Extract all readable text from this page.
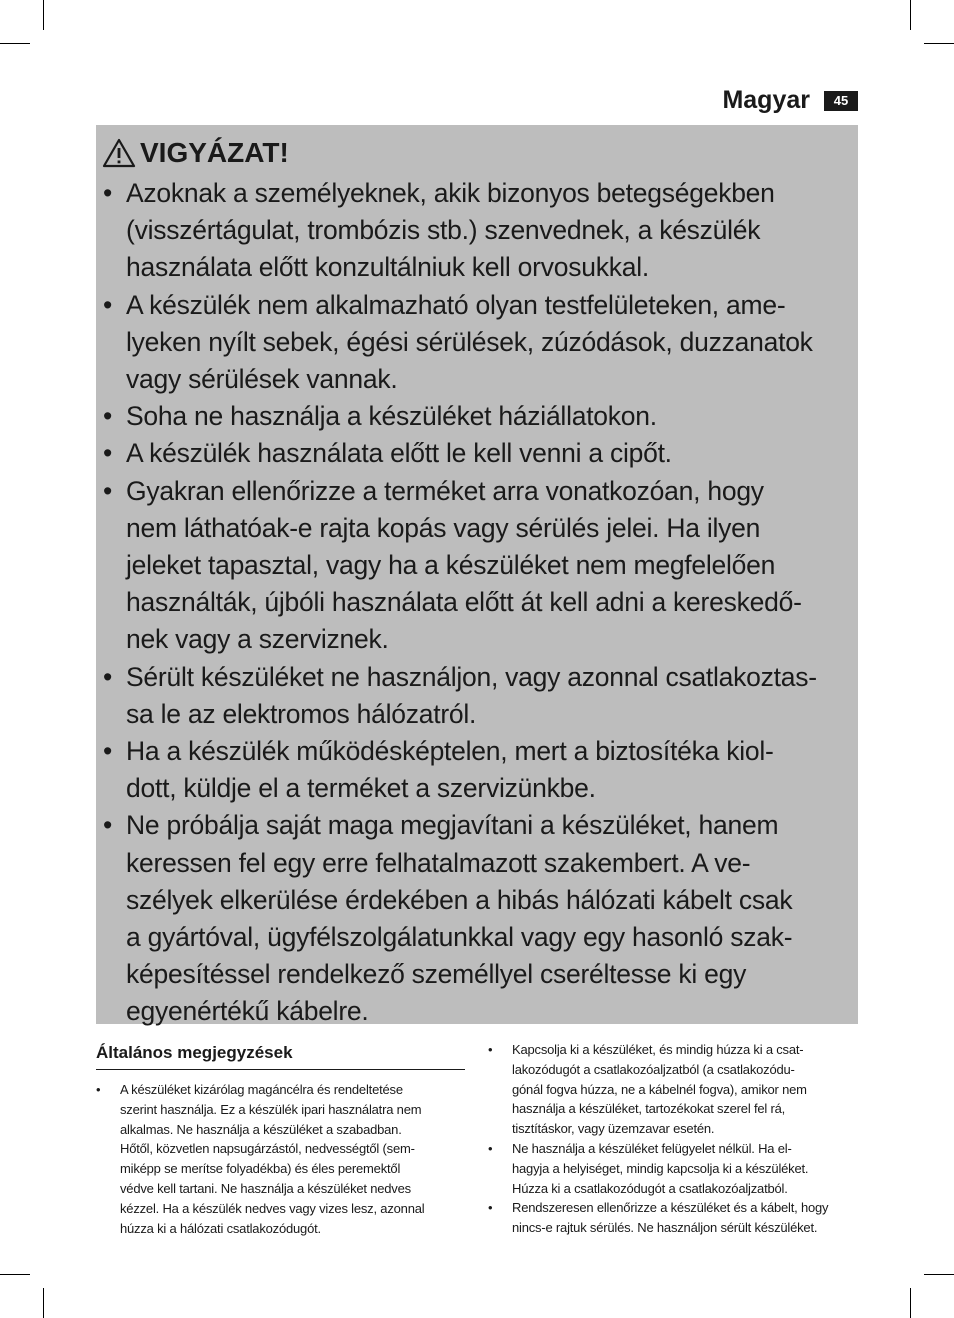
Magyar	45
VIGYÁZAT!
• Azoknak a személyeknek, akik bizonyos betegségekben
(visszértágulat, trombózis stb.) szenvednek, a készülék
használata előtt konzultálniuk kell orvosukkal.
• A készülék nem alkalmazható olyan testfelületeken, ame-
lyeken nyílt sebek, égési sérülések, zúzódások, duzzanatok
vagy sérülések vannak.
• Soha ne használja a készüléket háziállatokon.
• A készülék használata előtt le kell venni a cipőt.
• Gyakran ellenőrizze a terméket arra vonatkozóan, hogy
nem láthatóak-e rajta kopás vagy sérülés jelei. Ha ilyen
jeleket tapasztal, vagy ha a készüléket nem megfelelően
használták, újbóli használata előtt át kell adni a kereskedő-
nek vagy a szerviznek.
• Sérült készüléket ne használjon, vagy azonnal csatlakoztas-
sa le az elektromos hálózatról.
• Ha a készülék működésképtelen, mert a biztosítéka kiol-
dott, küldje el a terméket a szervizünkbe.
• Ne próbálja saját maga megjavítani a készüléket, hanem
keressen fel egy erre felhatalmazott szakembert. A ve-
szélyek elkerülése érdekében a hibás hálózati kábelt csak
a gyártóval, ügyfélszolgálatunkkal vagy egy hasonló szak-
képesítéssel rendelkező személlyel cseréltesse ki egy
egyenértékű kábelre.
Általános megjegyzések
• A készüléket kizárólag magáncélra és rendeltetése
szerint használja. Ez a készülék ipari használatra nem
alkalmas. Ne használja a készüléket a szabadban.
Hőtől, közvetlen napsugárzástól, nedvességtől (sem-
miképp se merítse folyadékba) és éles peremektől
védve kell tartani. Ne használja a készüléket nedves
kézzel. Ha a készülék nedves vagy vizes lesz, azonnal
húzza ki a hálózati csatlakozódugót.
• Kapcsolja ki a készüléket, és mindig húzza ki a csat-
lakozódugót a csatlakozóaljzatból (a csatlakozódu-
gónál fogva húzza, ne a kábelnél fogva), amikor nem
használja a készüléket, tartozékokat szerel fel rá,
tisztításkor, vagy üzemzavar esetén.
• Ne használja a készüléket felügyelet nélkül. Ha el-
hagyja a helyiséget, mindig kapcsolja ki a készüléket.
Húzza ki a csatlakozódugót a csatlakozóaljzatból.
• Rendszeresen ellenőrizze a készüléket és a kábelt, hogy
nincs-e rajtuk sérülés. Ne használjon sérült készüléket.
